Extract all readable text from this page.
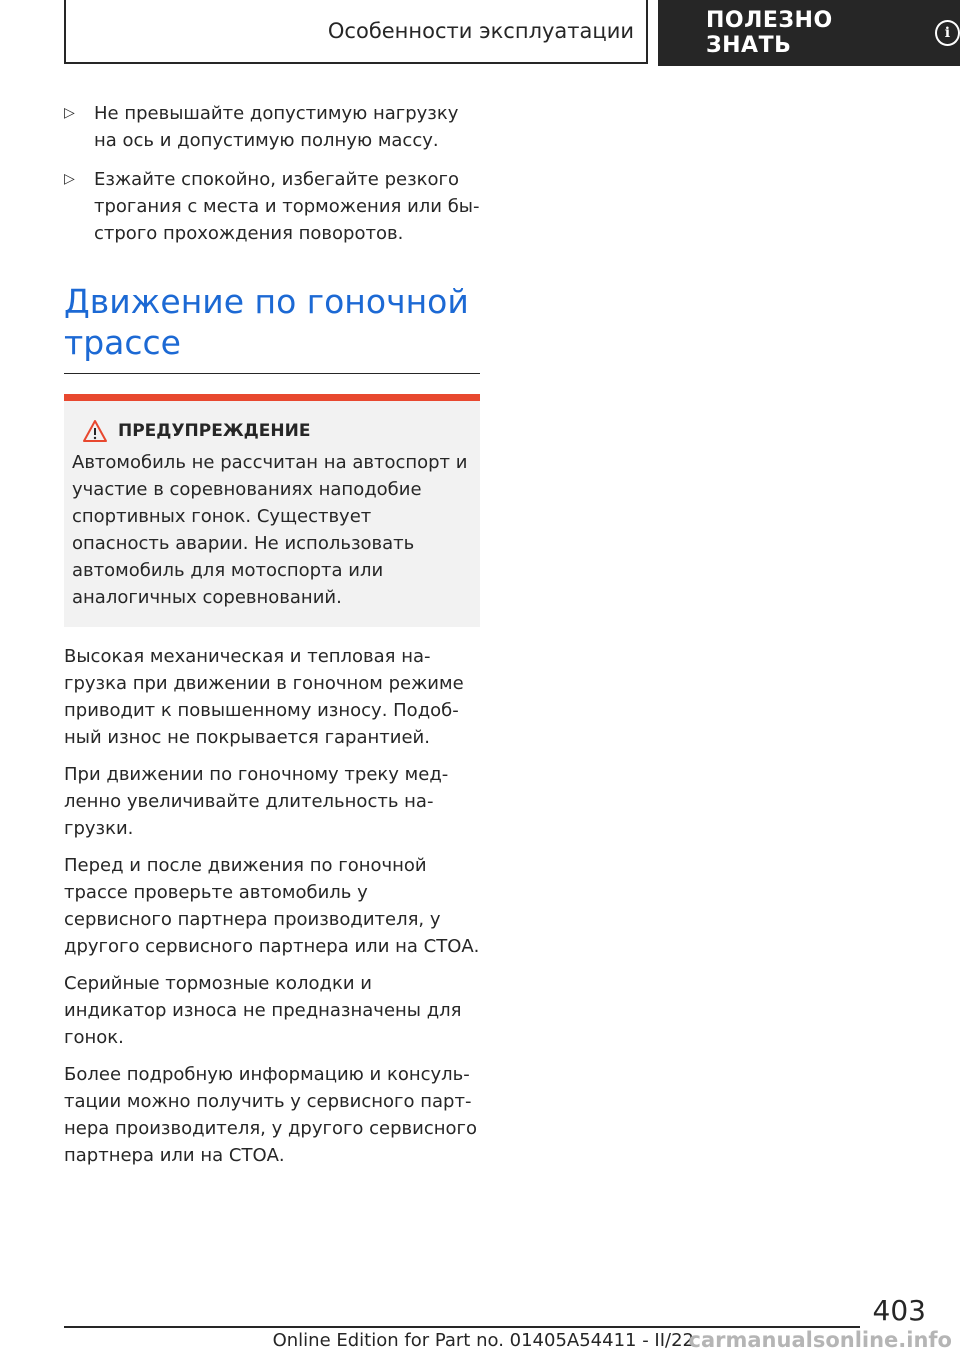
Особенности эксплуатации	ПОЛЕЗНО ЗНАТЬ	i
▷ Не превышайте допустимую нагрузку на ось и допустимую полную массу.
▷ Езжайте спокойно, избегайте резкого трогания с места и торможения или быстрого прохождения поворотов.
Движение по гоночной трассе
ПРЕДУПРЕЖДЕНИЕ
Автомобиль не рассчитан на автоспорт и участие в соревнованиях наподобие спортивных гонок. Существует опасность аварии. Не использовать автомобиль для мотоспорта или аналогичных соревнований.
Высокая механическая и тепловая нагрузка при движении в гоночном режиме приводит к повышенному износу. Подобный износ не покрывается гарантией.
При движении по гоночному треку медленно увеличивайте длительность нагрузки.
Перед и после движения по гоночной трассе проверьте автомобиль у сервисного партнера производителя, у другого сервисного партнера или на СТОА.
Серийные тормозные колодки и индикатор износа не предназначены для гонок.
Более подробную информацию и консультации можно получить у сервисного партнера производителя, у другого сервисного партнера или на СТОА.
403
Online Edition for Part no. 01405A54411 - II/22
carmanualsonline.info
